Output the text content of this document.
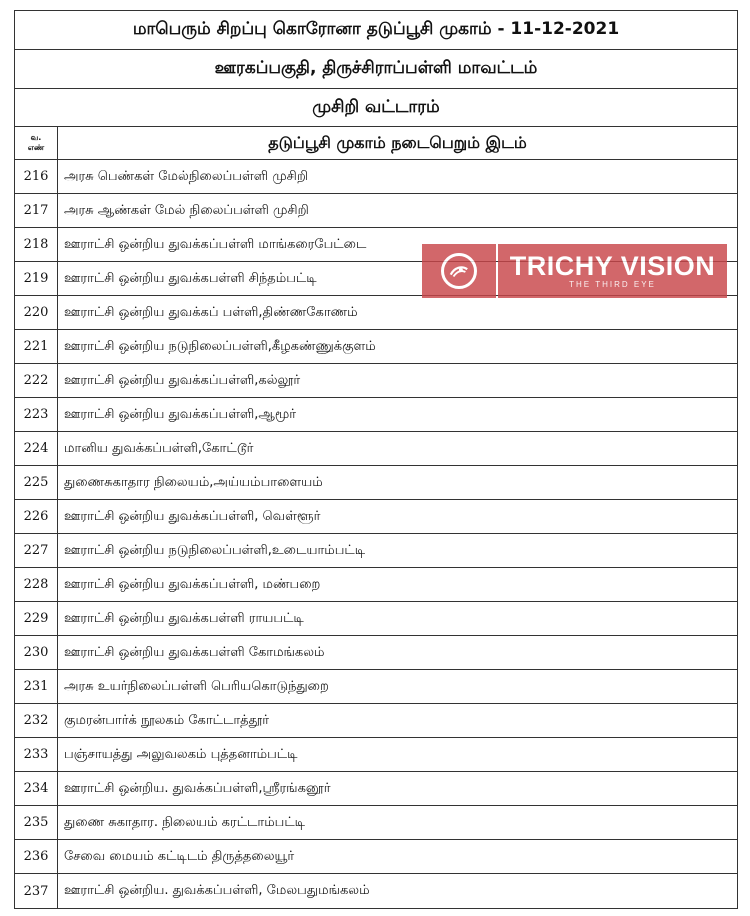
மாபெரும் சிறப்பு கொரோனா தடுப்பூசி முகாம் - 11-12-2021
ஊரகப்பகுதி, திருச்சிராப்பள்ளி மாவட்டம்
முசிறி வட்டாரம்
வ.
எண்	தடுப்பூசி முகாம் நடைபெறும் இடம்
216	அரசு பெண்கள் மேல்நிலைப்பள்ளி முசிறி
217	அரசு ஆண்கள் மேல் நிலைப்பள்ளி முசிறி
218	ஊராட்சி ஒன்றிய துவக்கப்பள்ளி மாங்கரைபேட்டை
219	ஊராட்சி ஒன்றிய துவக்கபள்ளி சிந்தம்பட்டி
220	ஊராட்சி ஒன்றிய துவக்கப் பள்ளி,திண்ணகோணம்
221	ஊராட்சி ஒன்றிய நடுநிலைப்பள்ளி,கீழகண்ணுக்குளம்
222	ஊராட்சி ஒன்றிய துவக்கப்பள்ளி,கல்லூர்
223	ஊராட்சி ஒன்றிய துவக்கப்பள்ளி,ஆமூர்
224	மானிய துவக்கப்பள்ளி,கோட்டூர்
225	துணைசுகாதார நிலையம்,அய்யம்பாளையம்
226	ஊராட்சி ஒன்றிய துவக்கப்பள்ளி, வெள்ளூர்
227	ஊராட்சி ஒன்றிய நடுநிலைப்பள்ளி,உடையாம்பட்டி
228	ஊராட்சி ஒன்றிய துவக்கப்பள்ளி, மண்பறை
229	ஊராட்சி ஒன்றிய துவக்கபள்ளி ராயபட்டி
230	ஊராட்சி ஒன்றிய துவக்கபள்ளி கோமங்கலம்
231	அரசு உயர்நிலைப்பள்ளி பெரியகொடுந்துறை
232	குமரன்பார்க் நூலகம் கோட்டாத்தூர்
233	பஞ்சாயத்து அலுவலகம் புத்தனாம்பட்டி
234	ஊராட்சி ஒன்றிய. துவக்கப்பள்ளி,ஸ்ரீரங்கனூர்
235	துணை சுகாதார. நிலையம் கரட்டாம்பட்டி
236	சேவை மையம் கட்டிடம் திருத்தலையூர்
237	ஊராட்சி ஒன்றிய. துவக்கப்பள்ளி, மேலபதுமங்கலம்
TRICHY VISION
THE THIRD EYE
